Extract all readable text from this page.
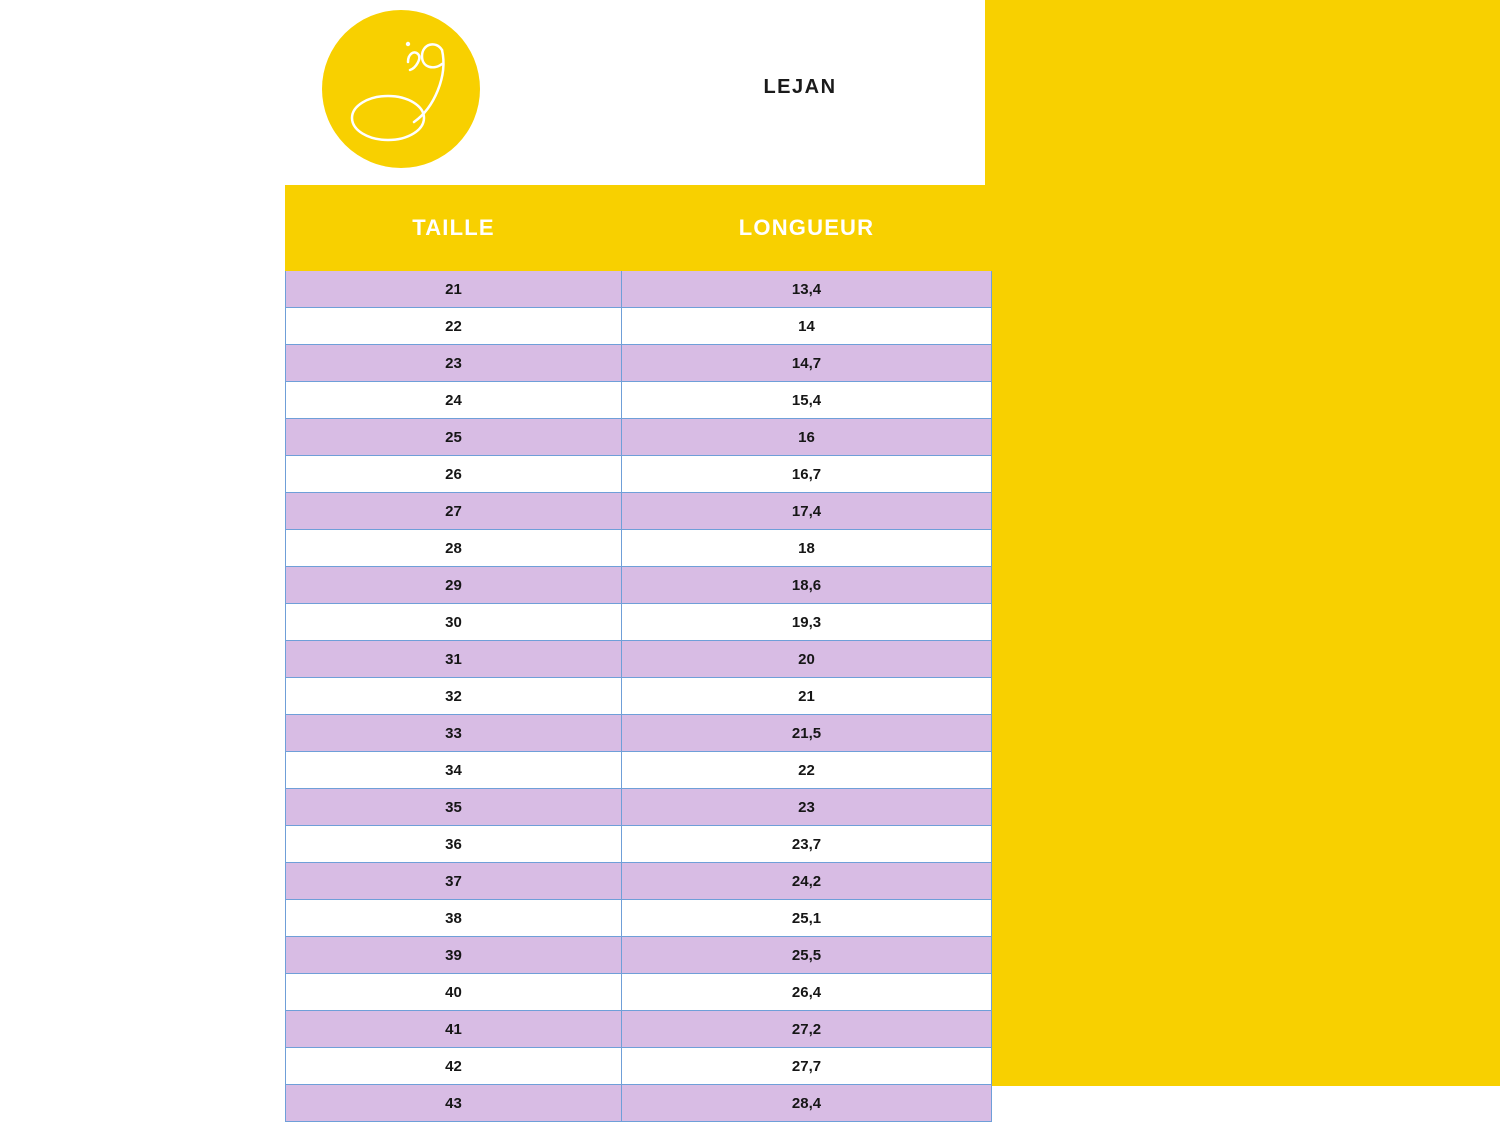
LEJAN
TAILLE	LONGUEUR
21	13,4
22	14
23	14,7
24	15,4
25	16
26	16,7
27	17,4
28	18
29	18,6
30	19,3
31	20
32	21
33	21,5
34	22
35	23
36	23,7
37	24,2
38	25,1
39	25,5
40	26,4
41	27,2
42	27,7
43	28,4
